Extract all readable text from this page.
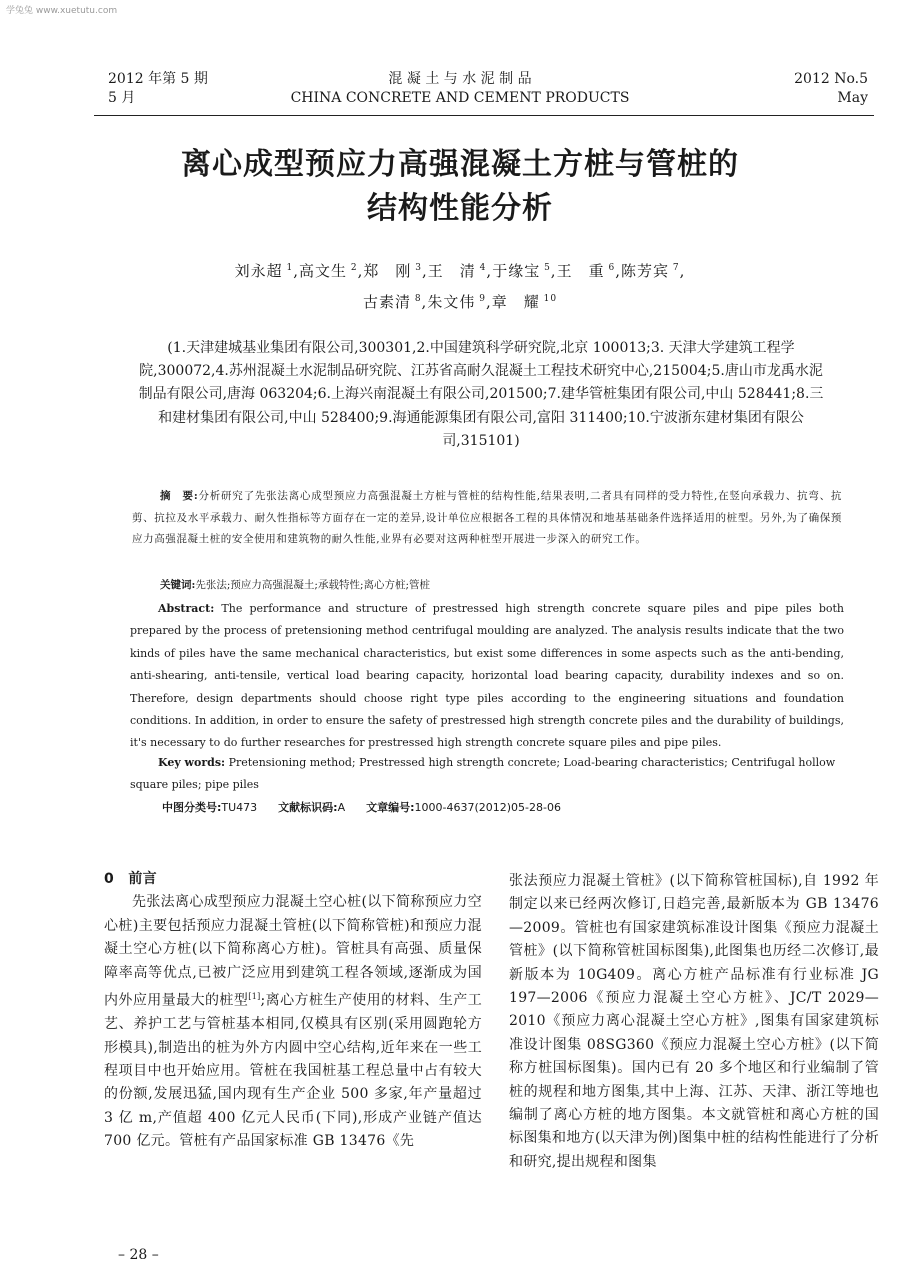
学兔兔 www.xuetutu.com
2012 年第 5 期
5 月
混 凝 土 与 水 泥 制 品
CHINA CONCRETE AND CEMENT PRODUCTS
2012 No.5
May
离心成型预应力高强混凝土方桩与管桩的
结构性能分析
刘永超 $^1$,高文生 $^2$,郑　刚 $^3$,王　清 $^4$,于缘宝 $^5$,王　重 $^6$,陈芳宾 $^7$,
古素清 $^8$,朱文伟 $^9$,章　耀 $^{10}$
(1.天津建城基业集团有限公司,300301,2.中国建筑科学研究院,北京 100013;3. 天津大学建筑工程学院,300072,4.苏州混凝土水泥制品研究院、江苏省高耐久混凝土工程技术研究中心,215004;5.唐山市龙禹水泥制品有限公司,唐海 063204;6.上海兴南混凝土有限公司,201500;7.建华管桩集团有限公司,中山 528441;8.三和建材集团有限公司,中山 528400;9.海通能源集团有限公司,富阳 311400;10.宁波浙东建材集团有限公司,315101)
摘　要:分析研究了先张法离心成型预应力高强混凝土方桩与管桩的结构性能,结果表明,二者具有同样的受力特性,在竖向承载力、抗弯、抗剪、抗拉及水平承载力、耐久性指标等方面存在一定的差异,设计单位应根据各工程的具体情况和地基基础条件选择适用的桩型。另外,为了确保预应力高强混凝土桩的安全使用和建筑物的耐久性能,业界有必要对这两种桩型开展进一步深入的研究工作。
关键词:先张法;预应力高强混凝土;承载特性;离心方桩;管桩
Abstract: The performance and structure of prestressed high strength concrete square piles and pipe piles both prepared by the process of pretensioning method centrifugal moulding are analyzed. The analysis results indicate that the two kinds of piles have the same mechanical characteristics, but exist some differences in some aspects such as the anti-bending, anti-shearing, anti-tensile, vertical load bearing capacity, horizontal load bearing capacity, durability indexes and so on. Therefore, design departments should choose right type piles according to the engineering situations and foundation conditions. In addition, in order to ensure the safety of prestressed high strength concrete piles and the durability of buildings, it's necessary to do further researches for prestressed high strength concrete square piles and pipe piles.
Key words: Pretensioning method; Prestressed high strength concrete; Load-bearing characteristics; Centrifugal hollow square piles; pipe piles
中图分类号:TU473 文献标识码:A 文章编号:1000-4637(2012)05-28-06
0　前言
先张法离心成型预应力混凝土空心桩(以下简称预应力空心桩)主要包括预应力混凝土管桩(以下简称管桩)和预应力混凝土空心方桩(以下简称离心方桩)。管桩具有高强、质量保障率高等优点,已被广泛应用到建筑工程各领域,逐渐成为国内外应用量最大的桩型[1];离心方桩生产使用的材料、生产工艺、养护工艺与管桩基本相同,仅模具有区别(采用圆跑轮方形模具),制造出的桩为外方内圆中空心结构,近年来在一些工程项目中也开始应用。管桩在我国桩基工程总量中占有较大的份额,发展迅猛,国内现有生产企业 500 多家,年产量超过 3 亿 m,产值超 400 亿元人民币(下同),形成产业链产值达 700 亿元。管桩有产品国家标准 GB 13476《先
张法预应力混凝土管桩》(以下简称管桩国标),自 1992 年制定以来已经两次修订,日趋完善,最新版本为 GB 13476—2009。管桩也有国家建筑标准设计图集《预应力混凝土管桩》(以下简称管桩国标图集),此图集也历经二次修订,最新版本为 10G409。离心方桩产品标准有行业标准 JG 197—2006《预应力混凝土空心方桩》、JC/T 2029—2010《预应力离心混凝土空心方桩》,图集有国家建筑标准设计图集 08SG360《预应力混凝土空心方桩》(以下简称方桩国标图集)。国内已有 20 多个地区和行业编制了管桩的规程和地方图集,其中上海、江苏、天津、浙江等地也编制了离心方桩的地方图集。本文就管桩和离心方桩的国标图集和地方(以天津为例)图集中桩的结构性能进行了分析和研究,提出规程和图集
– 28 –
